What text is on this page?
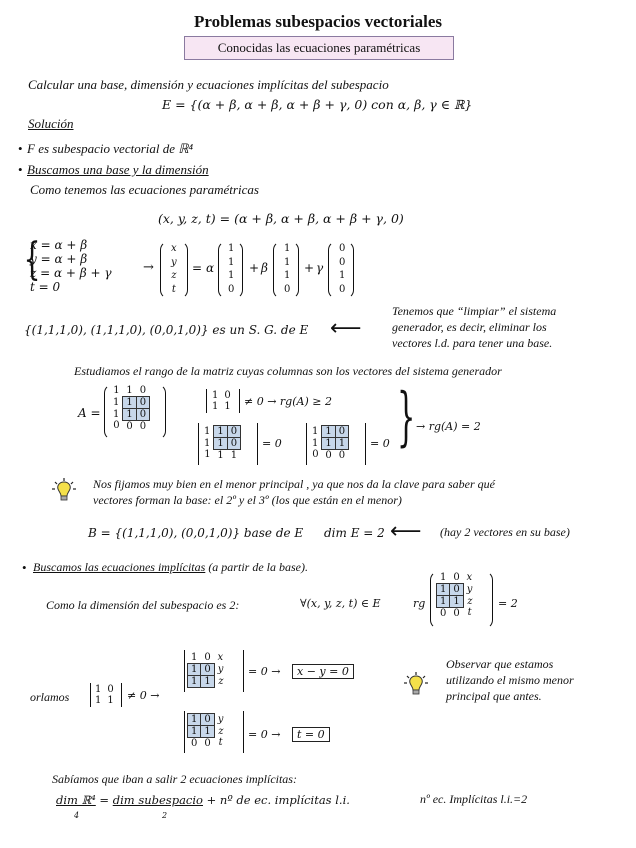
Problemas subespacios vectoriales
Conocidas las ecuaciones paramétricas
Calcular una base, dimensión y ecuaciones implícitas del subespacio
E = {(α + β, α + β, α + β + γ, 0) con α, β, γ ∈ ℝ}
Solución
• F es subespacio vectorial de ℝ⁴
• Buscamos una base y la dimensión
Como tenemos las ecuaciones paramétricas
(x, y, z, t) = (α + β, α + β, α + β + γ, 0)
{
x = α + β
y = α + β
z = α + β + γ
t = 0
→
x
y
z
t
= α
1
1
1
0
+ β
1
1
1
0
+ γ
0
0
1
0
{(1,1,1,0), (1,1,1,0), (0,0,1,0)} es un S. G. de E ⟵
Tenemos que “limpiar” el sistema
generador, es decir, eliminar los
vectores l.d. para tener una base.
Estudiamos el rango de la matriz cuyas columnas son los vectores del sistema generador
A =
1	1	0
1	1	0
1	1	0
0	0	0
1	0
1	1 ≠ 0 → rg(A) ≥ 2
1	1	0
1	1	0
1	1	1
= 0
1	1	0
1	1	1
0	0	0
= 0 } → rg(A) = 2
Nos fijamos muy bien en el menor principal , ya que nos da la clave para saber qué
vectores forman la base: el 2º y el 3º (los que están en el menor)
B = {(1,1,1,0), (0,0,1,0)} base de E dim E = 2 ⟵ (hay 2 vectores en su base)
• Buscamos las ecuaciones implícitas (a partir de la base).
Como la dimensión del subespacio es 2:	∀(x, y, z, t) ∈ E	rg
1	0	x
1	0	y
1	1	z
0	0	t
= 2
orlamos
1	0
1	1 ≠ 0 →
1	0	x
1	0	y
1	1	z
= 0 →	x − y = 0
1	0	y
1	1	z
0	0	t
= 0 →	t = 0
Observar que estamos
utilizando el mismo menor
principal que antes.
Sabíamos que iban a salir 2 ecuaciones implícitas:
dim ℝ⁴ = dim subespacio + nº de ec. implícitas l.i.
4	2
nº ec. Implícitas l.i.=2
